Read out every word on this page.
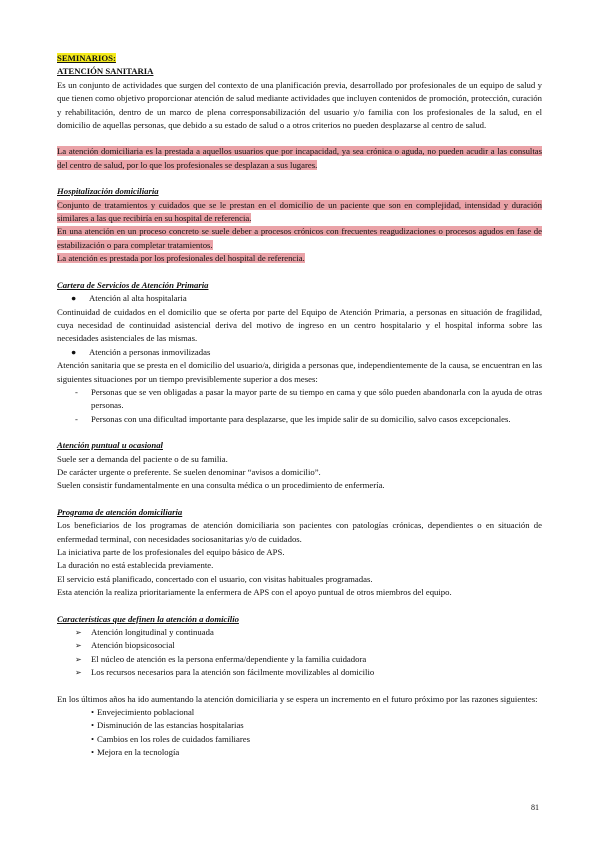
SEMINARIOS:

ATENCIÓN SANITARIA

Es un conjunto de actividades que surgen del contexto de una planificación previa, desarrollado por profesionales de un equipo de salud y que tienen como objetivo proporcionar atención de salud mediante actividades que incluyen contenidos de promoción, protección, curación y rehabilitación, dentro de un marco de plena corresponsabilización del usuario y/o familia con los profesionales de la salud, en el domicilio de aquellas personas, que debido a su estado de salud o a otros criterios no pueden desplazarse al centro de salud.

La atención domiciliaria es la prestada a aquellos usuarios que por incapacidad, ya sea crónica o aguda, no pueden acudir a las consultas del centro de salud, por lo que los profesionales se desplazan a sus lugares.

Hospitalización domiciliaria

Conjunto de tratamientos y cuidados que se le prestan en el domicilio de un paciente que son en complejidad, intensidad y duración similares a las que recibiría en su hospital de referencia.

En una atención en un proceso concreto se suele deber a procesos crónicos con frecuentes reagudizaciones o procesos agudos en fase de estabilización o para completar tratamientos.

La atención es prestada por los profesionales del hospital de referencia.

Cartera de Servicios de Atención Primaria

● Atención al alta hospitalaria

Continuidad de cuidados en el domicilio que se oferta por parte del Equipo de Atención Primaria, a personas en situación de fragilidad, cuya necesidad de continuidad asistencial deriva del motivo de ingreso en un centro hospitalario y el hospital informa sobre las necesidades asistenciales de las mismas.

● Atención a personas inmovilizadas

Atención sanitaria que se presta en el domicilio del usuario/a, dirigida a personas que, independientemente de la causa, se encuentran en las siguientes situaciones por un tiempo previsiblemente superior a dos meses:

- Personas que se ven obligadas a pasar la mayor parte de su tiempo en cama y que sólo pueden abandonarla con la ayuda de otras personas.
- Personas con una dificultad importante para desplazarse, que les impide salir de su domicilio, salvo casos excepcionales.

Atención puntual u ocasional

Suele ser a demanda del paciente o de su familia.

De carácter urgente o preferente. Se suelen denominar “avisos a domicilio”.

Suelen consistir fundamentalmente en una consulta médica o un procedimiento de enfermería.

Programa de atención domiciliaria

Los beneficiarios de los programas de atención domiciliaria son pacientes con patologías crónicas, dependientes o en situación de enfermedad terminal, con necesidades sociosanitarias y/o de cuidados.

La iniciativa parte de los profesionales del equipo básico de APS.

La duración no está establecida previamente.

El servicio está planificado, concertado con el usuario, con visitas habituales programadas.

Esta atención la realiza prioritariamente la enfermera de APS con el apoyo puntual de otros miembros del equipo.

Características que definen la atención a domicilio

➢ Atención longitudinal y continuada
➢ Atención biopsicosocial
➢ El núcleo de atención es la persona enferma/dependiente y la familia cuidadora
➢ Los recursos necesarios para la atención son fácilmente movilizables al domicilio

En los últimos años ha ido aumentando la atención domiciliaria y se espera un incremento en el futuro próximo por las razones siguientes:

• Envejecimiento poblacional
• Disminución de las estancias hospitalarias
• Cambios en los roles de cuidados familiares
• Mejora en la tecnología
81
